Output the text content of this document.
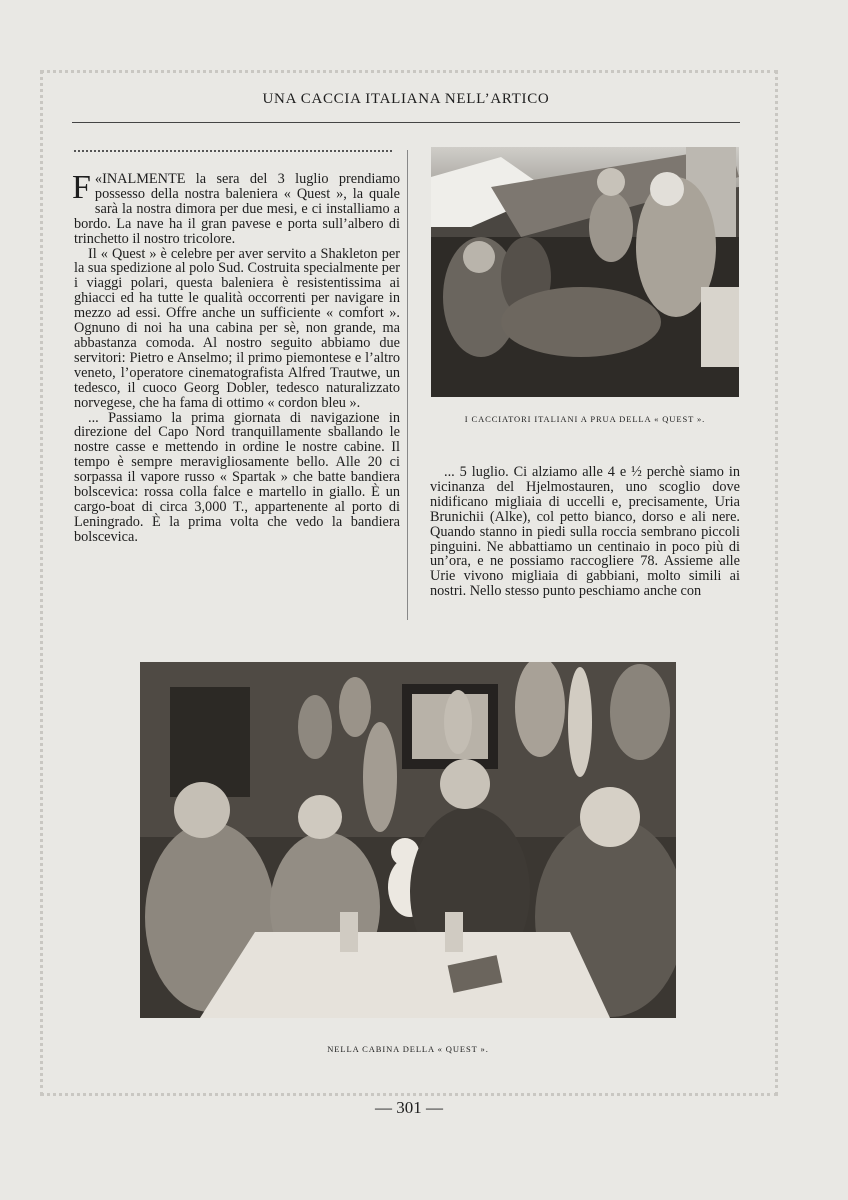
UNA CACCIA ITALIANA NELL’ARTICO

«
F INALMENTE la sera del 3 luglio prendiamo possesso della nostra baleniera « Quest », la quale sarà la nostra dimora per due mesi, e ci installiamo a bordo. La nave ha il gran pavese e porta sull’albero di trinchetto il nostro tricolore.

Il « Quest » è celebre per aver servito a Shakleton per la sua spedizione al polo Sud. Costruita specialmente per i viaggi polari, questa baleniera è resistentissima ai ghiacci ed ha tutte le qualità occorrenti per navigare in mezzo ad essi. Offre anche un sufficiente « comfort ». Ognuno di noi ha una cabina per sè, non grande, ma abbastanza comoda. Al nostro seguito abbiamo due servitori: Pietro e Anselmo; il primo piemontese e l’altro veneto, l’operatore cinematografista Alfred Trautwe, un tedesco, il cuoco Georg Dobler, tedesco naturalizzato norvegese, che ha fama di ottimo « cordon bleu ».

... Passiamo la prima giornata di navigazione in direzione del Capo Nord tranquillamente sballando le nostre casse e mettendo in ordine le nostre cabine. Il tempo è sempre meravigliosamente bello. Alle 20 ci sorpassa il vapore russo « Spartak » che batte bandiera bolscevica: rossa colla falce e martello in giallo. È un cargo-boat di circa 3,000 T., appartenente al porto di Leningrado. È la prima volta che vedo la bandiera bolscevica.

I CACCIATORI ITALIANI A PRUA DELLA « QUEST ».

... 5 luglio. Ci alziamo alle 4 e ½ perchè siamo in vicinanza del Hjelmostauren, uno scoglio dove nidificano migliaia di uccelli e, precisamente, Uria Brunichii (Alke), col petto bianco, dorso e ali nere. Quando stanno in piedi sulla roccia sembrano piccoli pinguini. Ne abbattiamo un centinaio in poco più di un’ora, e ne possiamo raccogliere 78. Assieme alle Urie vivono migliaia di gabbiani, molto simili ai nostri. Nello stesso punto peschiamo anche con

NELLA CABINA DELLA « QUEST ».
— 301 —
